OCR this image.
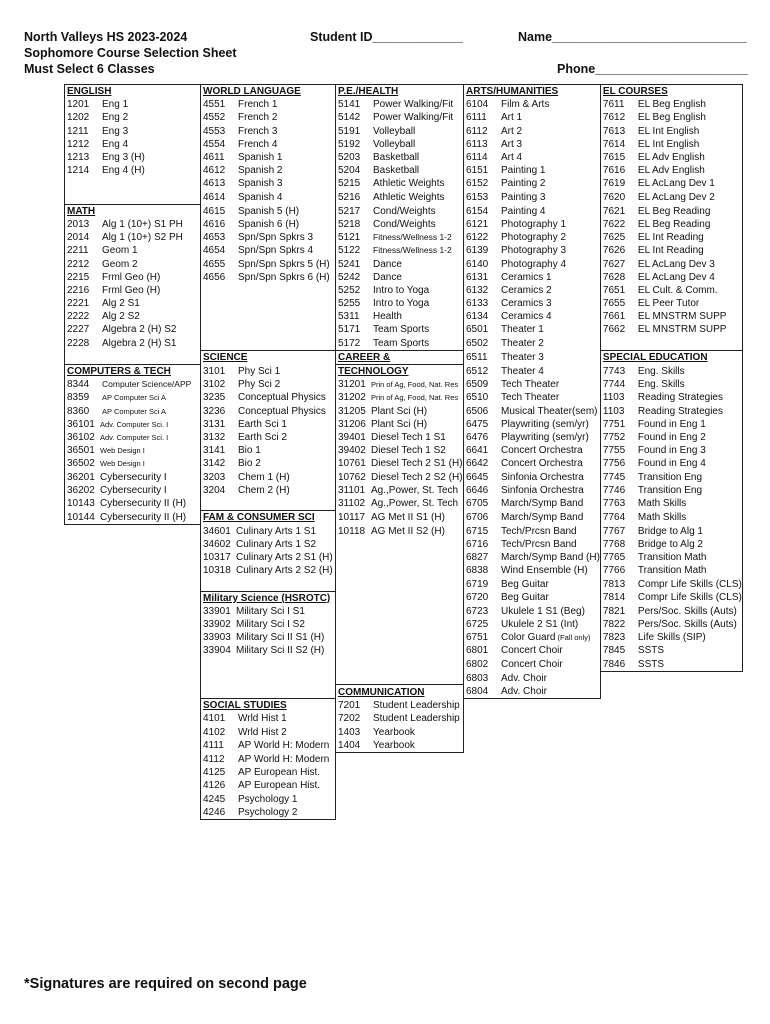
North Valleys HS 2023-2024	Student ID_____________	Name____________________________
Sophomore Course Selection Sheet
Must Select 6 Classes	Phone______________________
ENGLISH	WORLD LANGUAGE	P.E./HEALTH	ARTS/HUMANITIES	EL COURSES
1201 Eng 1	4551 French 1	5141 Power Walking/Fit	6104 Film & Arts	7611 EL Beg English
1202 Eng 2	4552 French 2	5142 Power Walking/Fit	6111 Art 1	7612 EL Beg English
1211 Eng 3	4553 French 3	5191 Volleyball	6112 Art 2	7613 EL Int English
1212 Eng 4	4554 French 4	5192 Volleyball	6113 Art 3	7614 EL Int English
1213 Eng 3 (H)	4611 Spanish 1	5203 Basketball	6114 Art 4	7615 EL Adv English
1214 Eng 4 (H)	4612 Spanish 2	5204 Basketball	6151 Painting 1	7616 EL Adv English
	4613 Spanish 3	5215 Athletic Weights	6152 Painting 2	7619 EL AcLang Dev 1
	4614 Spanish 4	5216 Athletic Weights	6153 Painting 3	7620 EL AcLang Dev 2
MATH	4615 Spanish 5 (H)	5217 Cond/Weights	6154 Painting 4	7621 EL Beg Reading
2013 Alg 1 (10+) S1 PH	4616 Spanish 6 (H)	5218 Cond/Weights	6121 Photography 1	7622 EL Beg Reading
2014 Alg 1 (10+) S2 PH	4653 Spn/Spn Spkrs 3	5121 Fitness/Wellness 1-2	6122 Photography 2	7625 EL Int Reading
2211 Geom 1	4654 Spn/Spn Spkrs 4	5122 Fitness/Wellness 1-2	6139 Photography 3	7626 EL Int Reading
2212 Geom 2	4655 Spn/Spn Spkrs 5 (H)	5241 Dance	6140 Photography 4	7627 EL AcLang Dev 3
2215 Frml Geo (H)	4656 Spn/Spn Spkrs 6 (H)	5242 Dance	6131 Ceramics 1	7628 EL AcLang Dev 4
2216 Frml Geo (H)		5252 Intro to Yoga	6132 Ceramics 2	7651 EL Cult. & Comm.
2221 Alg 2 S1		5255 Intro to Yoga	6133 Ceramics 3	7655 EL Peer Tutor
2222 Alg 2 S2		5311 Health	6134 Ceramics 4	7661 EL MNSTRM SUPP
2227 Algebra 2 (H) S2		5171 Team Sports	6501 Theater 1	7662 EL MNSTRM SUPP
2228 Algebra 2 (H) S1		5172 Team Sports	6502 Theater 2	
	SCIENCE	CAREER &	6511 Theater 3	SPECIAL EDUCATION
COMPUTERS & TECH	3101 Phy Sci 1	TECHNOLOGY	6512 Theater 4	7743 Eng. Skills
8344 Computer Science/APP	3102 Phy Sci 2	31201 Prin of Ag, Food, Nat. Res	6509 Tech Theater	7744 Eng. Skills
8359 AP Computer Sci A	3235 Conceptual Physics	31202 Prin of Ag, Food, Nat. Res	6510 Tech Theater	1103 Reading Strategies
8360 AP Computer Sci A	3236 Conceptual Physics	31205 Plant Sci (H)	6506 Musical Theater(sem)	1103 Reading Strategies
36101 Adv. Computer Sci. I	3131 Earth Sci 1	31206 Plant Sci (H)	6475 Playwriting (sem/yr)	7751 Found in Eng 1
36102 Adv. Computer Sci. I	3132 Earth Sci 2	39401 Diesel Tech 1 S1	6476 Playwriting (sem/yr)	7752 Found in Eng 2
36501 Web Design I	3141 Bio 1	39402 Diesel Tech 1 S2	6641 Concert Orchestra	7755 Found in Eng 3
36502 Web Design I	3142 Bio 2	10761 Diesel Tech 2 S1 (H)	6642 Concert Orchestra	7756 Found in Eng 4
36201 Cybersecurity I	3203 Chem 1 (H)	10762 Diesel Tech 2 S2 (H)	6645 Sinfonia Orchestra	7745 Transition Eng
36202 Cybersecurity I	3204 Chem 2 (H)	31101 Ag.,Power, St. Tech	6646 Sinfonia Orchestra	7746 Transition Eng
10143 Cybersecurity II (H)		31102 Ag.,Power, St. Tech	6705 March/Symp Band	7763 Math Skills
10144 Cybersecurity II (H)	FAM & CONSUMER SCI	10117 AG Met II S1 (H)	6706 March/Symp Band	7764 Math Skills
	34601 Culinary Arts 1 S1	10118 AG Met II S2 (H)	6715 Tech/Prcsn Band	7767 Bridge to Alg 1
	34602 Culinary Arts 1 S2		6716 Tech/Prcsn Band	7768 Bridge to Alg 2
	10317 Culinary Arts 2 S1 (H)		6827 March/Symp Band (H)	7765 Transition Math
	10318 Culinary Arts 2 S2 (H)		6838 Wind Ensemble (H)	7766 Transition Math
			6719 Beg Guitar	7813 Compr Life Skills (CLS)
	Military Science (HSROTC)		6720 Beg Guitar	7814 Compr Life Skills (CLS)
	33901 Military Sci I S1		6723 Ukulele 1 S1 (Beg)	7821 Pers/Soc. Skills (Auts)
	33902 Military Sci I S2		6725 Ukulele 2 S1 (Int)	7822 Pers/Soc. Skills (Auts)
	33903 Military Sci II S1 (H)		6751 Color Guard (Fall only)	7823 Life Skills (SIP)
	33904 Military Sci II S2 (H)		6801 Concert Choir	7845 SSTS
			6802 Concert Choir	7846 SSTS
			6803 Adv. Choir	
		COMMUNICATION	6804 Adv. Choir	
	SOCIAL STUDIES	7201 Student Leadership		
	4101 Wrld Hist 1	7202 Student Leadership		
	4102 Wrld Hist 2	1403 Yearbook		
	4111 AP World H: Modern	1404 Yearbook		
	4112 AP World H: Modern			
	4125 AP European Hist.			
	4126 AP European Hist.			
	4245 Psychology 1			
	4246 Psychology 2			
*Signatures are required on second page
